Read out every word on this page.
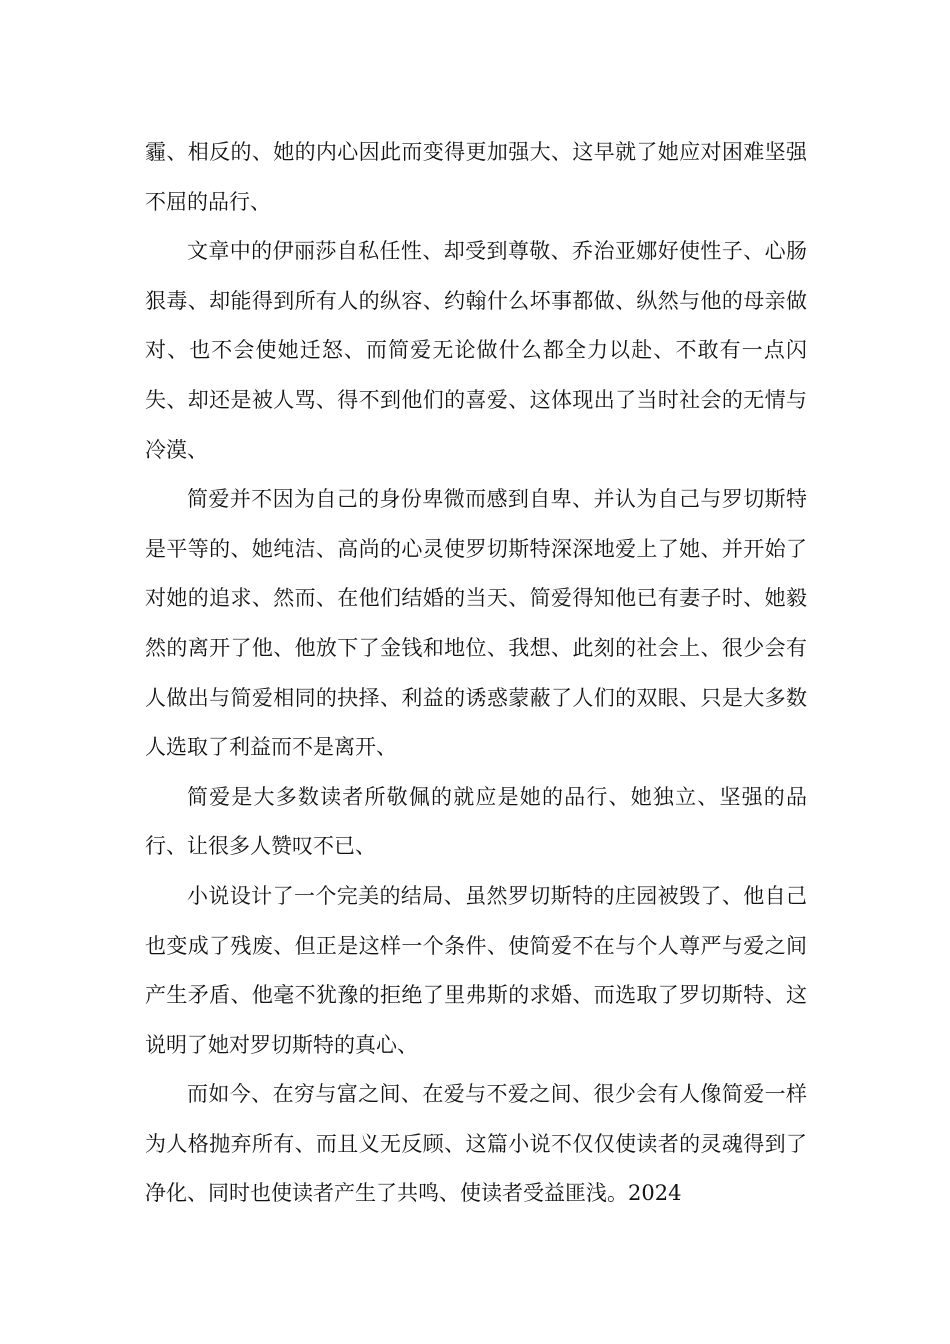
霾、相反的、她的内心因此而变得更加强大、这早就了她应对困难坚强不屈的品行、

文章中的伊丽莎自私任性、却受到尊敬、乔治亚娜好使性子、心肠狠毒、却能得到所有人的纵容、约翰什么坏事都做、纵然与他的母亲做对、也不会使她迁怒、而简爱无论做什么都全力以赴、不敢有一点闪失、却还是被人骂、得不到他们的喜爱、这体现出了当时社会的无情与冷漠、

简爱并不因为自己的身份卑微而感到自卑、并认为自己与罗切斯特是平等的、她纯洁、高尚的心灵使罗切斯特深深地爱上了她、并开始了对她的追求、然而、在他们结婚的当天、简爱得知他已有妻子时、她毅然的离开了他、他放下了金钱和地位、我想、此刻的社会上、很少会有人做出与简爱相同的抉择、利益的诱惑蒙蔽了人们的双眼、只是大多数人选取了利益而不是离开、

简爱是大多数读者所敬佩的就应是她的品行、她独立、坚强的品行、让很多人赞叹不已、

小说设计了一个完美的结局、虽然罗切斯特的庄园被毁了、他自己也变成了残废、但正是这样一个条件、使简爱不在与个人尊严与爱之间产生矛盾、他毫不犹豫的拒绝了里弗斯的求婚、而选取了罗切斯特、这说明了她对罗切斯特的真心、

而如今、在穷与富之间、在爱与不爱之间、很少会有人像简爱一样为人格抛弃所有、而且义无反顾、这篇小说不仅仅使读者的灵魂得到了净化、同时也使读者产生了共鸣、使读者受益匪浅。2024
